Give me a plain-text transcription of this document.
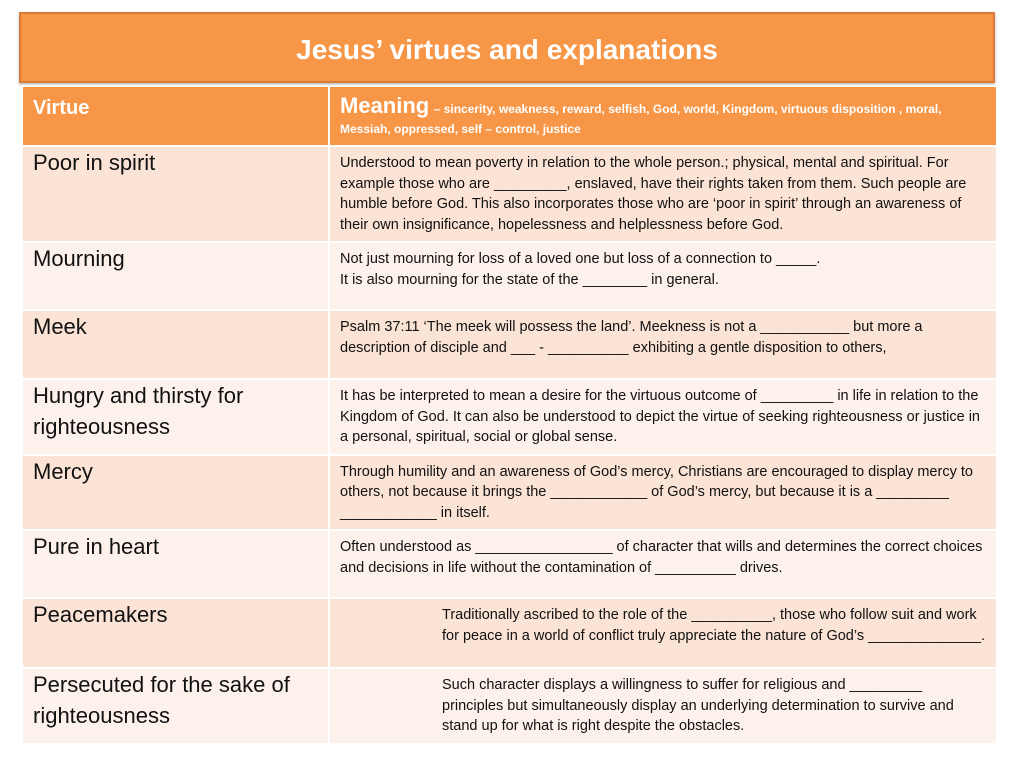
Jesus’ virtues and explanations
Virtue	Meaning – sincerity, weakness, reward, selfish, God, world, Kingdom, virtuous disposition , moral, Messiah, oppressed, self – control, justice
Poor in spirit	Understood to mean poverty in relation to the whole person.; physical, mental and spiritual. For example those who are _________, enslaved, have their rights taken from them. Such people are humble before God. This also incorporates those who are ‘poor in spirit’ through an awareness of their own insignificance, hopelessness and helplessness before God.
Mourning	Not just mourning for loss of a loved one but loss of a connection to _____.
It is also mourning for the state of the ________ in general.

Meek	Psalm 37:11 ‘The meek will possess the land’. Meekness is not a ___________ but more a description of disciple and ___ - __________ exhibiting a gentle disposition to others,
Hungry and thirsty for righteousness	It has be interpreted to mean a desire for the virtuous outcome of _________ in life in relation to the Kingdom of God. It can also be understood to depict the virtue of seeking righteousness or justice in a personal, spiritual, social or global sense.
Mercy	Through humility and an awareness of God’s mercy, Christians are encouraged to display mercy to others, not because it brings the ____________ of God’s mercy, but because it is a _________ ____________ in itself.
Pure in heart	Often understood as _________________ of character that wills and determines the correct choices and decisions in life without the contamination of __________ drives.
Peacemakers	Traditionally ascribed to the role of the __________, those who follow suit and work for peace in a world of conflict truly appreciate the nature of God’s ______________.
Persecuted for the sake of righteousness	Such character displays a willingness to suffer for religious and _________ principles but simultaneously display an underlying determination to survive and stand up for what is right despite the obstacles.
